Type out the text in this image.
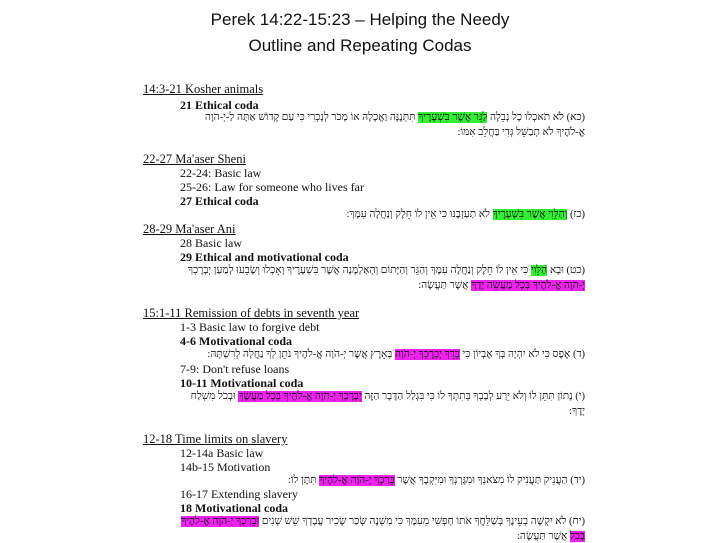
Perek 14:22-15:23 – Helping the Needy
Outline and Repeating Codas
14:3-21 Kosher animals
21 Ethical coda
(כא) לֹא תֹאכְלוּ כָל נְבֵלָה לַגֵּר אֲשֶׁר בִּשְׁעָרֶיךָ תִּתְּנֶנָּה וַאֲכָלָהּ אוֹ מָכֹר לְנָכְרִי כִּי עַם קָדוֹשׁ אַתָּה לַ-יְ-הֹוָה
אֱ-לֹהֶיךָ לֹא תְבַשֵּׁל גְּדִי בַּחֲלֵב אִמּוֹ:
22-27 Ma'aser Sheni
22-24: Basic law
25-26: Law for someone who lives far
27 Ethical coda
(כז) וְהַלֵּוִי אֲשֶׁר בִּשְׁעָרֶיךָ לֹא תַעַזְבֶנּוּ כִּי אֵין לוֹ חֵלֶק וְנַחֲלָה עִמָּךְ:
28-29 Ma'aser Ani
28 Basic law
29 Ethical and motivational coda
(כט) וּבָא הַלֵּוִי כִּי אֵין לוֹ חֵלֶק וְנַחֲלָה עִמָּךְ וְהַגֵּר וְהַיָּתוֹם וְהָאַלְמָנָה אֲשֶׁר בִּשְׁעָרֶיךָ וְאָכְלוּ וְשָׂבֵעוּ לְמַעַן יְבָרֶכְךָ
יְ-הֹוָה אֱ-לֹהֶיךָ בְּכָל מַעֲשֵׂה יָדְךָ אֲשֶׁר תַּעֲשֶׂה:
15:1-11 Remission of debts in seventh year
1-3 Basic law to forgive debt
4-6 Motivational coda
(ד) אֶפֶס כִּי לֹא יִהְיֶה בְּךָ אֶבְיוֹן כִּי בָרֵךְ יְבָרֶכְךָ יְ-הֹוָה בָּאָרֶץ אֲשֶׁר יְ-הֹוָה אֱ-לֹהֶיךָ נֹתֵן לְךָ נַחֲלָה לְרִשְׁתָּהּ:
7-9: Don't refuse loans
10-11 Motivational coda
(י) נָתוֹן תִּתֵּן לוֹ וְלֹא יֵרַע לְבָבְךָ בְּתִתְּךָ לוֹ כִּי בִּגְלַל הַדָּבָר הַזֶּה יְבָרֶכְךָ יְ-הֹוָה אֱ-לֹהֶיךָ בְּכָל מַעֲשֶׂךָ וּבְכֹל מִשְׁלַח
יָדֶךָ:
12-18 Time limits on slavery
12-14a Basic law
14b-15 Motivation
(יד) הַעֲנֵיק תַּעֲנִיק לוֹ מִצֹּאנְךָ וּמִגָּרְנְךָ וּמִיִּקְבֶךָ אֲשֶׁר בֵּרַכְךָ יְ-הֹוָה אֱ-לֹהֶיךָ תִּתֶּן לוֹ:
16-17 Extending slavery
18 Motivational coda
(יח) לֹא יִקְשֶׁה בְעֵינֶךָ בְּשַׁלֵּחֲךָ אֹתוֹ חָפְשִׁי מֵעִמָּךְ כִּי מִשְׁנֶה שְׂכַר שָׂכִיר עֲבָדְךָ שֵׁשׁ שָׁנִים וּבֵרַכְךָ יְ-הֹוָה אֱ-לֹהֶיךָ
בְּכֹל אֲשֶׁר תַּעֲשֶׂה:
